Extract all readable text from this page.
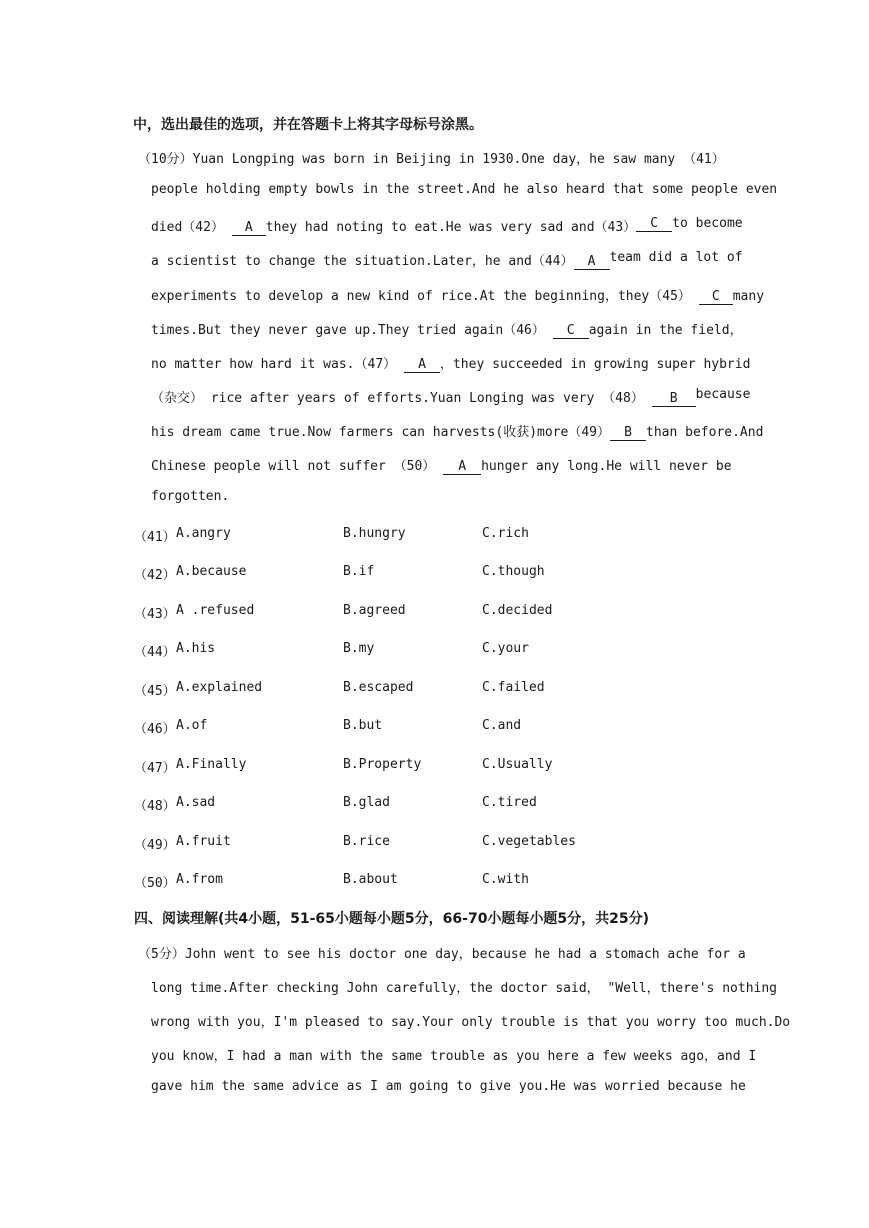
中，选出最佳的选项，并在答题卡上将其字母标号涂黑。
（10分）Yuan Longping was born in Beijing in 1930.One day，he saw many （41）
people holding empty bowls in the street.And he also heard that some people even
died（42） A they had noting to eat.He was very sad and（43）	C to become
a scientist to change the situation.Later，he and（44） A	team did a lot of
experiments to develop a new kind of rice.At the beginning，they（45） C many
times.But they never gave up.They tried again（46） C	again in the field，
no matter how hard it was.（47） A	，they succeeded in growing super hybrid
（杂交） rice after years of efforts.Yuan Longing was very （48） B	because
his dream came true.Now farmers can harvests(收获)more（49） B than before.And
Chinese people will not suffer （50） A hunger any long.He will never be
forgotten.
（41） A.angry	B.hungry	C.rich
（42） A.because	B.if	C.though
（43） A .refused	B.agreed	C.decided
（44） A.his	B.my	C.your
（45） A.explained	B.escaped	C.failed
（46） A.of	B.but	C.and
（47） A.Finally	B.Property	C.Usually
（48） A.sad	B.glad	C.tired
（49） A.fruit	B.rice	C.vegetables
（50） A.from	B.about	C.with
四、阅读理解(共4小题，51-65小题每小题5分，66-70小题每小题5分，共25分)
（5分）John went to see his doctor one day，because he had a stomach ache for a
long time.After checking John carefully，the doctor said， "Well，there's nothing
wrong with you，I'm pleased to say.Your only trouble is that you worry too much.Do
you know，I had a man with the same trouble as you here a few weeks ago，and I
gave him the same advice as I am going to give you.He was worried because he
